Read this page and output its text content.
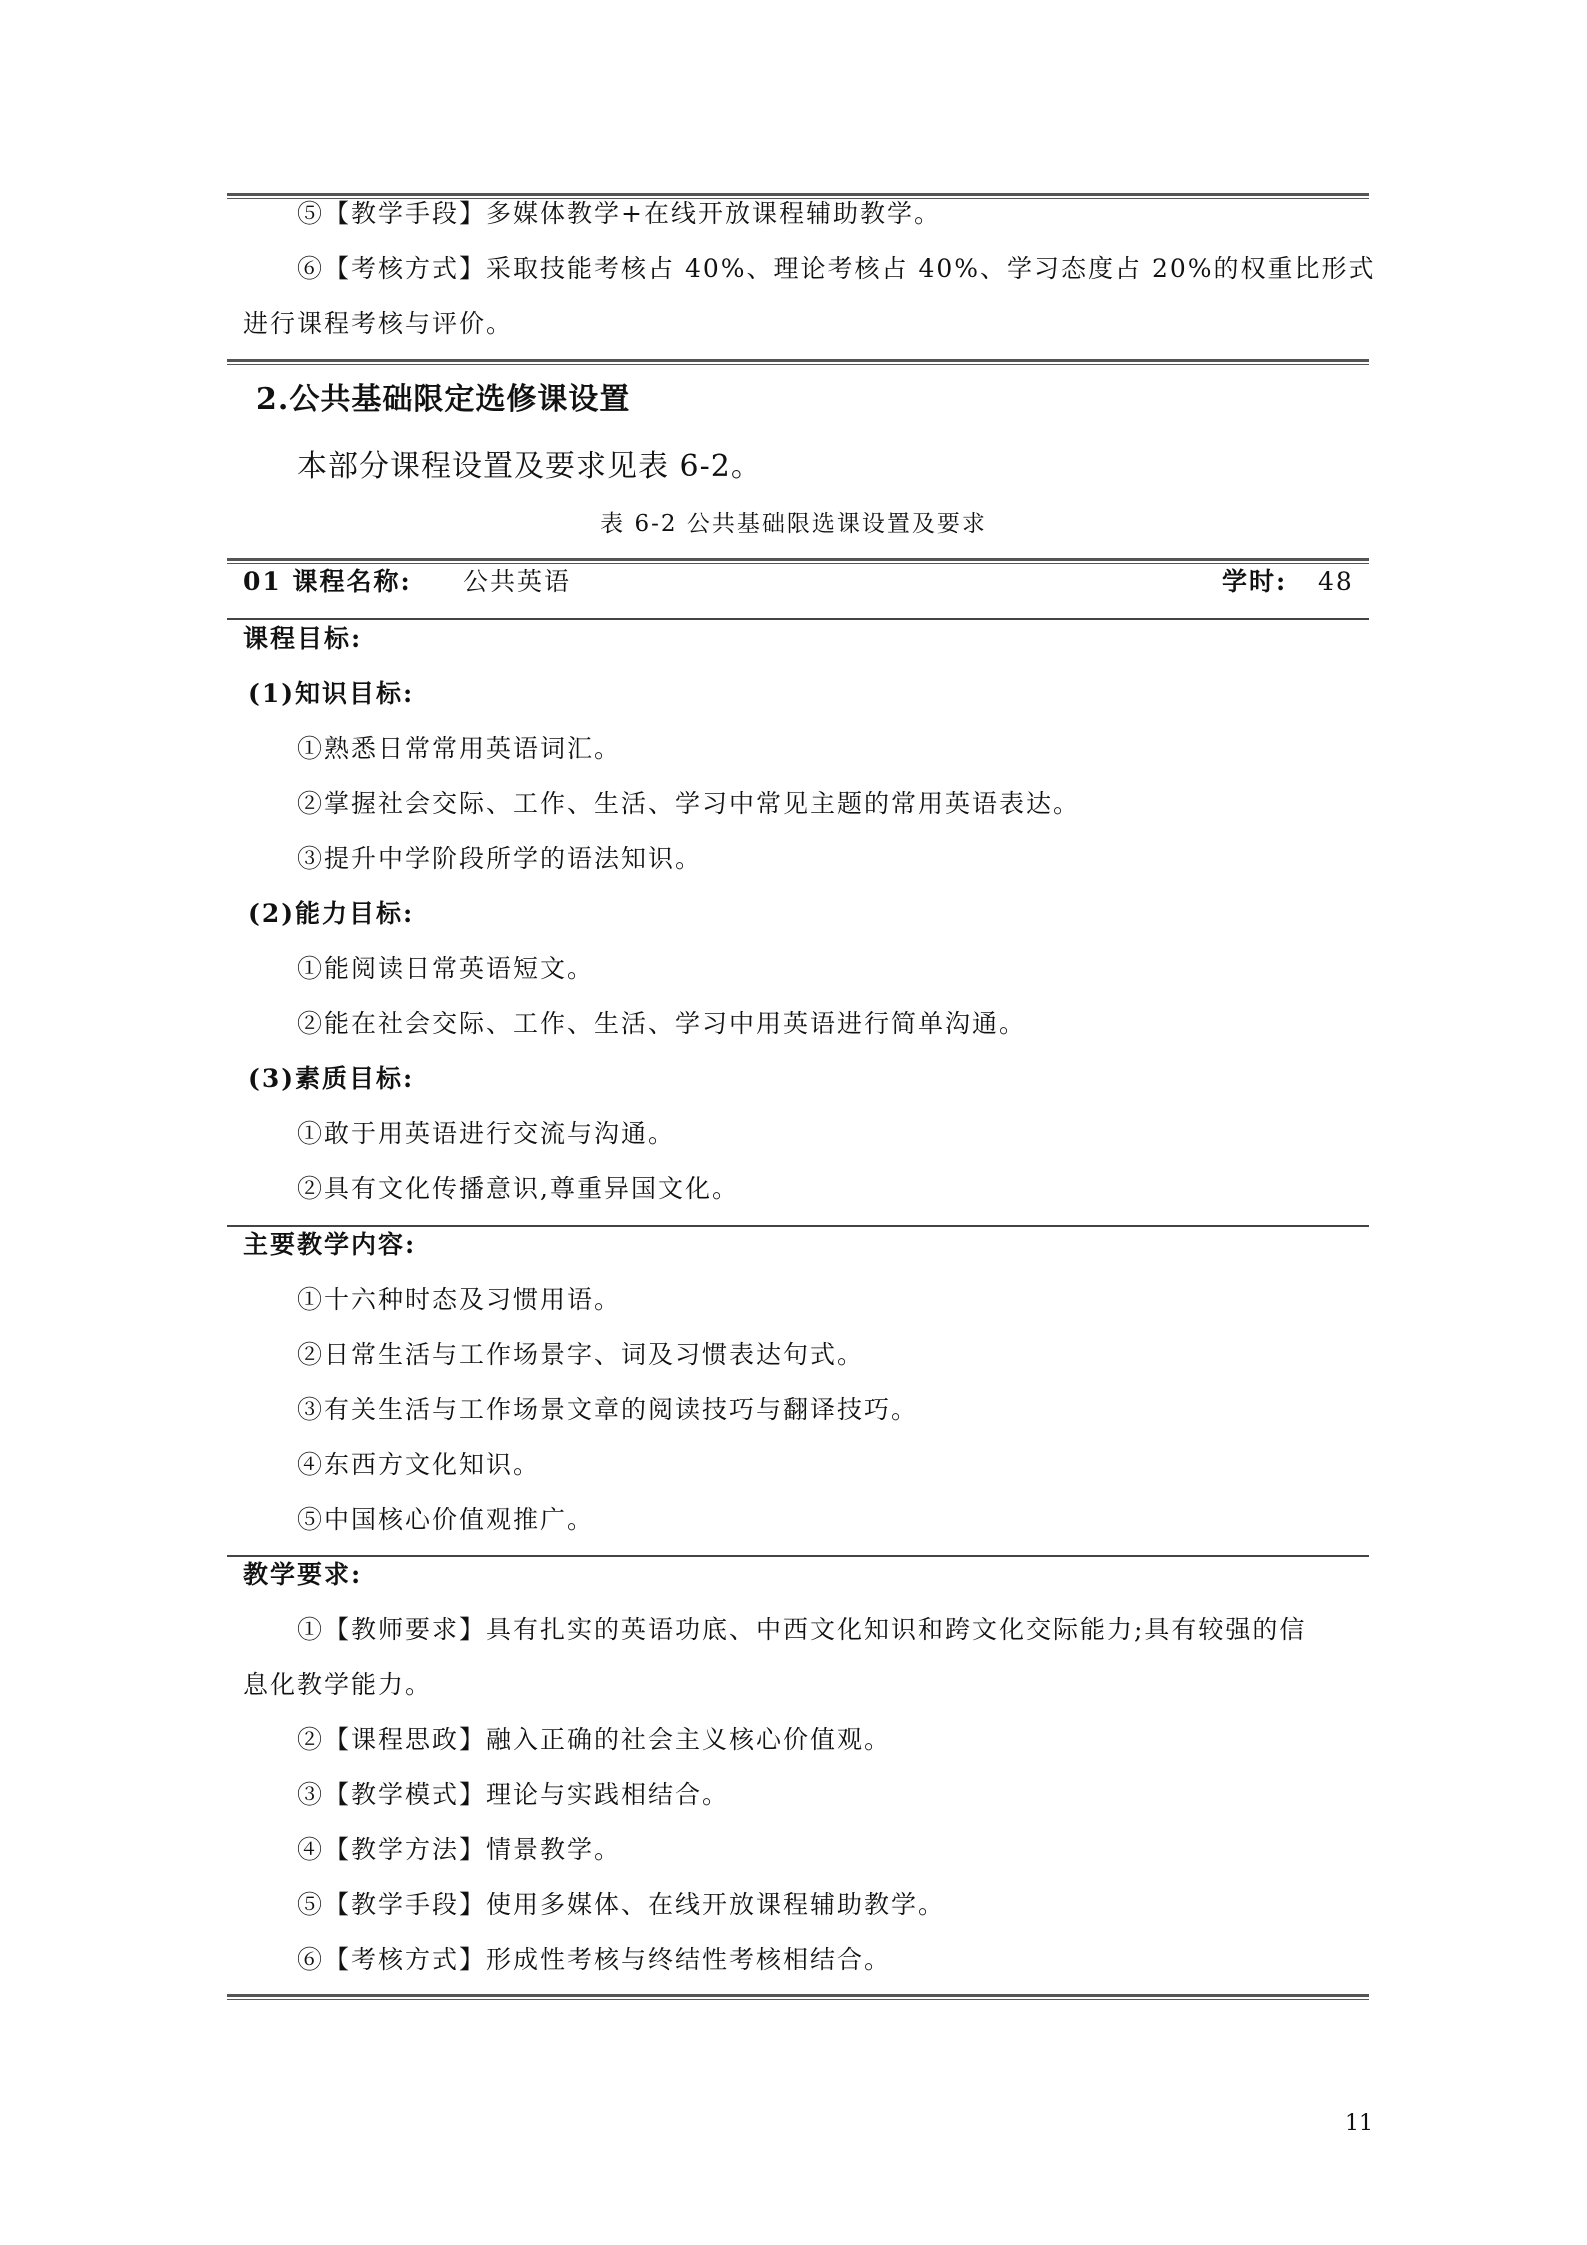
⑤【教学手段】多媒体教学+在线开放课程辅助教学。
⑥【考核方式】采取技能考核占 40%、理论考核占 40%、学习态度占 20%的权重比形式
进行课程考核与评价。
2.公共基础限定选修课设置
本部分课程设置及要求见表 6-2。
表 6-2 公共基础限选课设置及要求
01 课程名称: 公共英语	学时: 48
课程目标:
(1)知识目标:
①熟悉日常常用英语词汇。
②掌握社会交际、工作、生活、学习中常见主题的常用英语表达。
③提升中学阶段所学的语法知识。
(2)能力目标:
①能阅读日常英语短文。
②能在社会交际、工作、生活、学习中用英语进行简单沟通。
(3)素质目标:
①敢于用英语进行交流与沟通。
②具有文化传播意识,尊重异国文化。
主要教学内容:
①十六种时态及习惯用语。
②日常生活与工作场景字、词及习惯表达句式。
③有关生活与工作场景文章的阅读技巧与翻译技巧。
④东西方文化知识。
⑤中国核心价值观推广。
教学要求:
①【教师要求】具有扎实的英语功底、中西文化知识和跨文化交际能力;具有较强的信
息化教学能力。
②【课程思政】融入正确的社会主义核心价值观。
③【教学模式】理论与实践相结合。
④【教学方法】情景教学。
⑤【教学手段】使用多媒体、在线开放课程辅助教学。
⑥【考核方式】形成性考核与终结性考核相结合。
11
